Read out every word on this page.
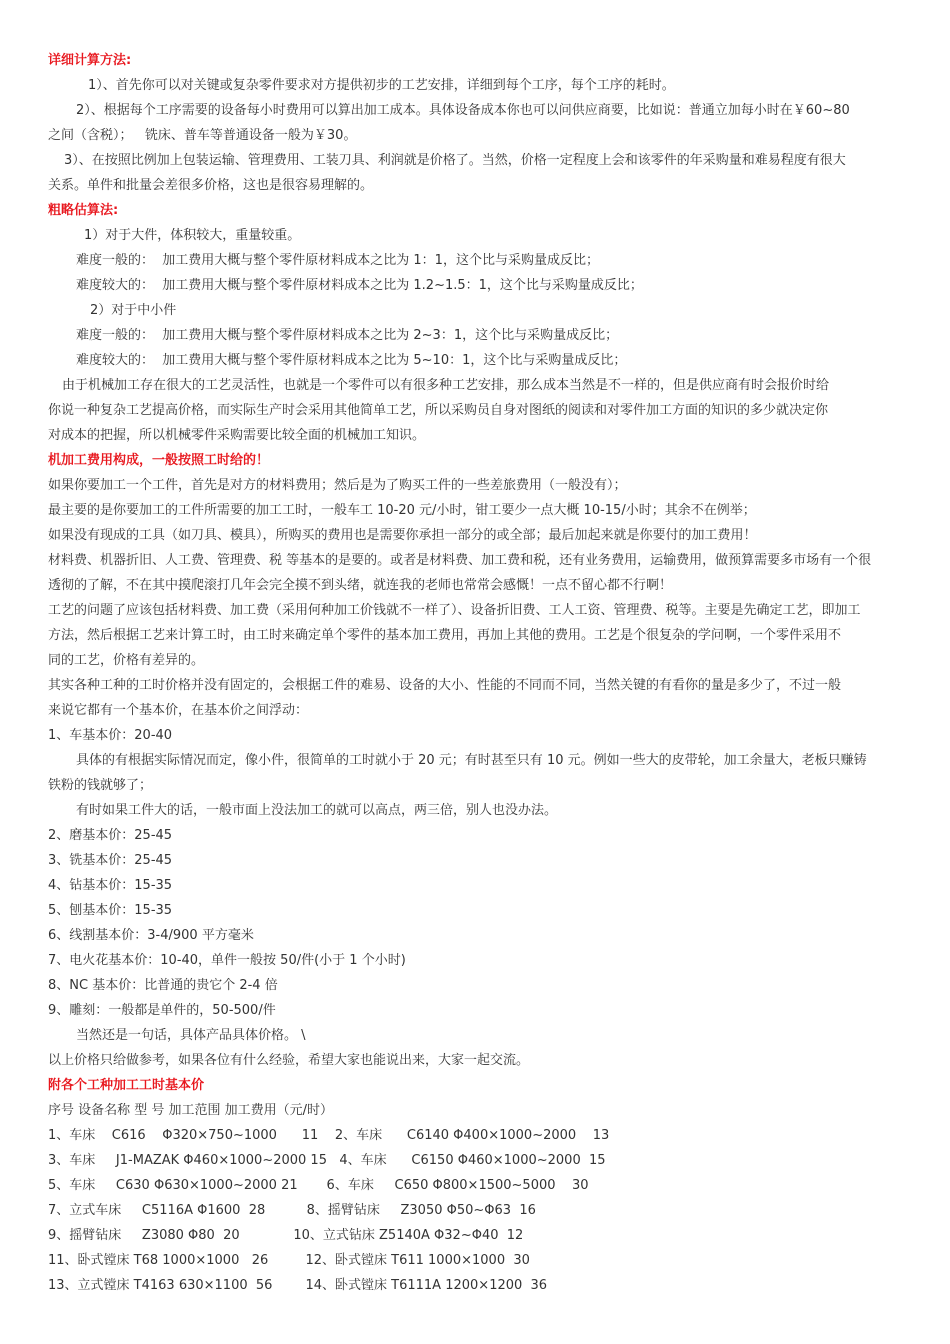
详细计算方法:
1）、首先你可以对关键或复杂零件要求对方提供初步的工艺安排，详细到每个工序，每个工序的耗时。
2）、根据每个工序需要的设备每小时费用可以算出加工成本。具体设备成本你也可以问供应商要，比如说：普通立加每小时在￥60~80
之间（含税）；   铣床、普车等普通设备一般为￥30。
3）、在按照比例加上包装运输、管理费用、工装刀具、利润就是价格了。当然，价格一定程度上会和该零件的年采购量和难易程度有很大
关系。单件和批量会差很多价格，这也是很容易理解的。
粗略估算法:
1）对于大件，体积较大，重量较重。
难度一般的：  加工费用大概与整个零件原材料成本之比为 1：1，这个比与采购量成反比；
难度较大的：  加工费用大概与整个零件原材料成本之比为 1.2~1.5：1，这个比与采购量成反比；
2）对于中小件
难度一般的：  加工费用大概与整个零件原材料成本之比为 2~3：1，这个比与采购量成反比；
难度较大的：  加工费用大概与整个零件原材料成本之比为 5~10：1，这个比与采购量成反比；
由于机械加工存在很大的工艺灵活性，也就是一个零件可以有很多种工艺安排，那么成本当然是不一样的，但是供应商有时会报价时给
你说一种复杂工艺提高价格，而实际生产时会采用其他简单工艺，所以采购员自身对图纸的阅读和对零件加工方面的知识的多少就决定你
对成本的把握，所以机械零件采购需要比较全面的机械加工知识。
机加工费用构成，一般按照工时给的！
如果你要加工一个工件，首先是对方的材料费用；然后是为了购买工件的一些差旅费用（一般没有）；
最主要的是你要加工的工件所需要的加工工时，一般车工 10-20 元/小时，钳工要少一点大概 10-15/小时；其余不在例举；
如果没有现成的工具（如刀具、模具），所购买的费用也是需要你承担一部分的或全部；最后加起来就是你要付的加工费用！
材料费、机器折旧、人工费、管理费、税 等基本的是要的。或者是材料费、加工费和税，还有业务费用，运输费用，做预算需要多市场有一个很
透彻的了解，不在其中摸爬滚打几年会完全摸不到头绪，就连我的老师也常常会感慨！一点不留心都不行啊！
工艺的问题了应该包括材料费、加工费（采用何种加工价钱就不一样了）、设备折旧费、工人工资、管理费、税等。主要是先确定工艺，即加工
方法，然后根据工艺来计算工时，由工时来确定单个零件的基本加工费用，再加上其他的费用。工艺是个很复杂的学问啊，一个零件采用不
同的工艺，价格有差异的。
其实各种工种的工时价格并没有固定的，会根据工件的难易、设备的大小、性能的不同而不同，当然关键的有看你的量是多少了，不过一般
来说它都有一个基本价，在基本价之间浮动：
1、车基本价：20-40
具体的有根据实际情况而定，像小件，很简单的工时就小于 20 元；有时甚至只有 10 元。例如一些大的皮带轮，加工余量大，老板只赚铸
铁粉的钱就够了；
有时如果工件大的话，一般市面上没法加工的就可以高点，两三倍，别人也没办法。
2、磨基本价：25-45
3、铣基本价：25-45
4、钻基本价：15-35
5、刨基本价：15-35
6、线割基本价：3-4/900 平方毫米
7、电火花基本价：10-40，单件一般按 50/件(小于 1 个小时)
8、NC 基本价：比普通的贵它个 2-4 倍
9、雕刻：一般都是单件的，50-500/件
当然还是一句话，具体产品具体价格。 \
以上价格只给做参考，如果各位有什么经验，希望大家也能说出来，大家一起交流。
附各个工种加工工时基本价
序号 设备名称 型 号 加工范围 加工费用（元/时）
1、车床    C616    Φ320×750~1000      11    2、车床      C6140 Φ400×1000~2000    13
3、车床     J1-MAZAK Φ460×1000~2000 15   4、车床      C6150 Φ460×1000~2000  15
5、车床     C630 Φ630×1000~2000 21       6、车床     C650 Φ800×1500~5000    30
7、立式车床     C5116A Φ1600  28          8、摇臂钻床     Z3050 Φ50~Φ63  16
9、摇臂钻床     Z3080 Φ80  20             10、立式钻床 Z5140A Φ32~Φ40  12
11、卧式镗床 T68 1000×1000   26         12、卧式镗床 T611 1000×1000  30
13、立式镗床 T4163 630×1100  56        14、卧式镗床 T6111A 1200×1200  36
